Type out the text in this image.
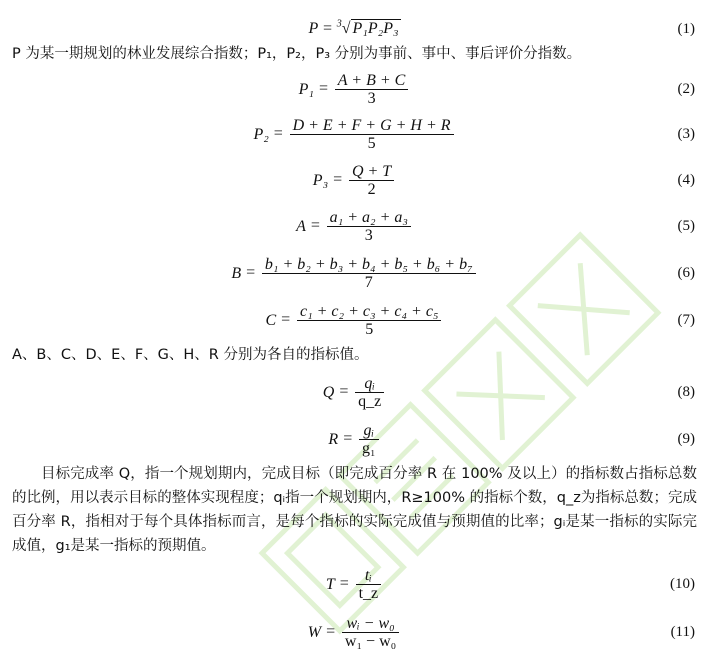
P = $^3$√ P₁P₂P₃	(1)
P 为某一期规划的林业发展综合指数；P₁，P₂，P₃ 分别为事前、事中、事后评价分指数。
$P_1 = \frac{A + B + C}{3}$	(2)
$P_2 = \frac{D + E + F + G + H + R}{5}$	(3)
$P_3 = \frac{Q + T}{2}$	(4)
$A = \frac{\text{a₁ + a₂ + a₃}}{3}$	(5)
$B = \frac{\text{b₁ + b₂ + b₃ + b₄ + b₅ + b₆ + b₇}}{7}$	(6)
$C = \frac{\text{c₁ + c₂ + c₃ + c₄ + c₅}}{5}$	(7)
A、B、C、D、E、F、G、H、R 分别为各自的指标值。
$Q = \frac{\text{qᵢ}}{q\_z}$	(8)
$R = \frac{\text{gᵢ}}{\text{g₁}}$	(9)
目标完成率 Q，指一个规划期内，完成目标（即完成百分率 R 在 100% 及以上）的指标数占指标总数的比例，用以表示目标的整体实现程度；qᵢ指一个规划期内，R≥100% 的指标个数，q_z为指标总数；完成百分率 R，指相对于每个具体指标而言，是每个指标的实际完成值与预期值的比率；gᵢ是某一指标的实际完成值，g₁是某一指标的预期值。
$T = \frac{\text{tᵢ}}{t\_z}$	(10)
$W = \frac{\text{wᵢ − w₀}}{\text{w₁ − w₀}}$	(11)
